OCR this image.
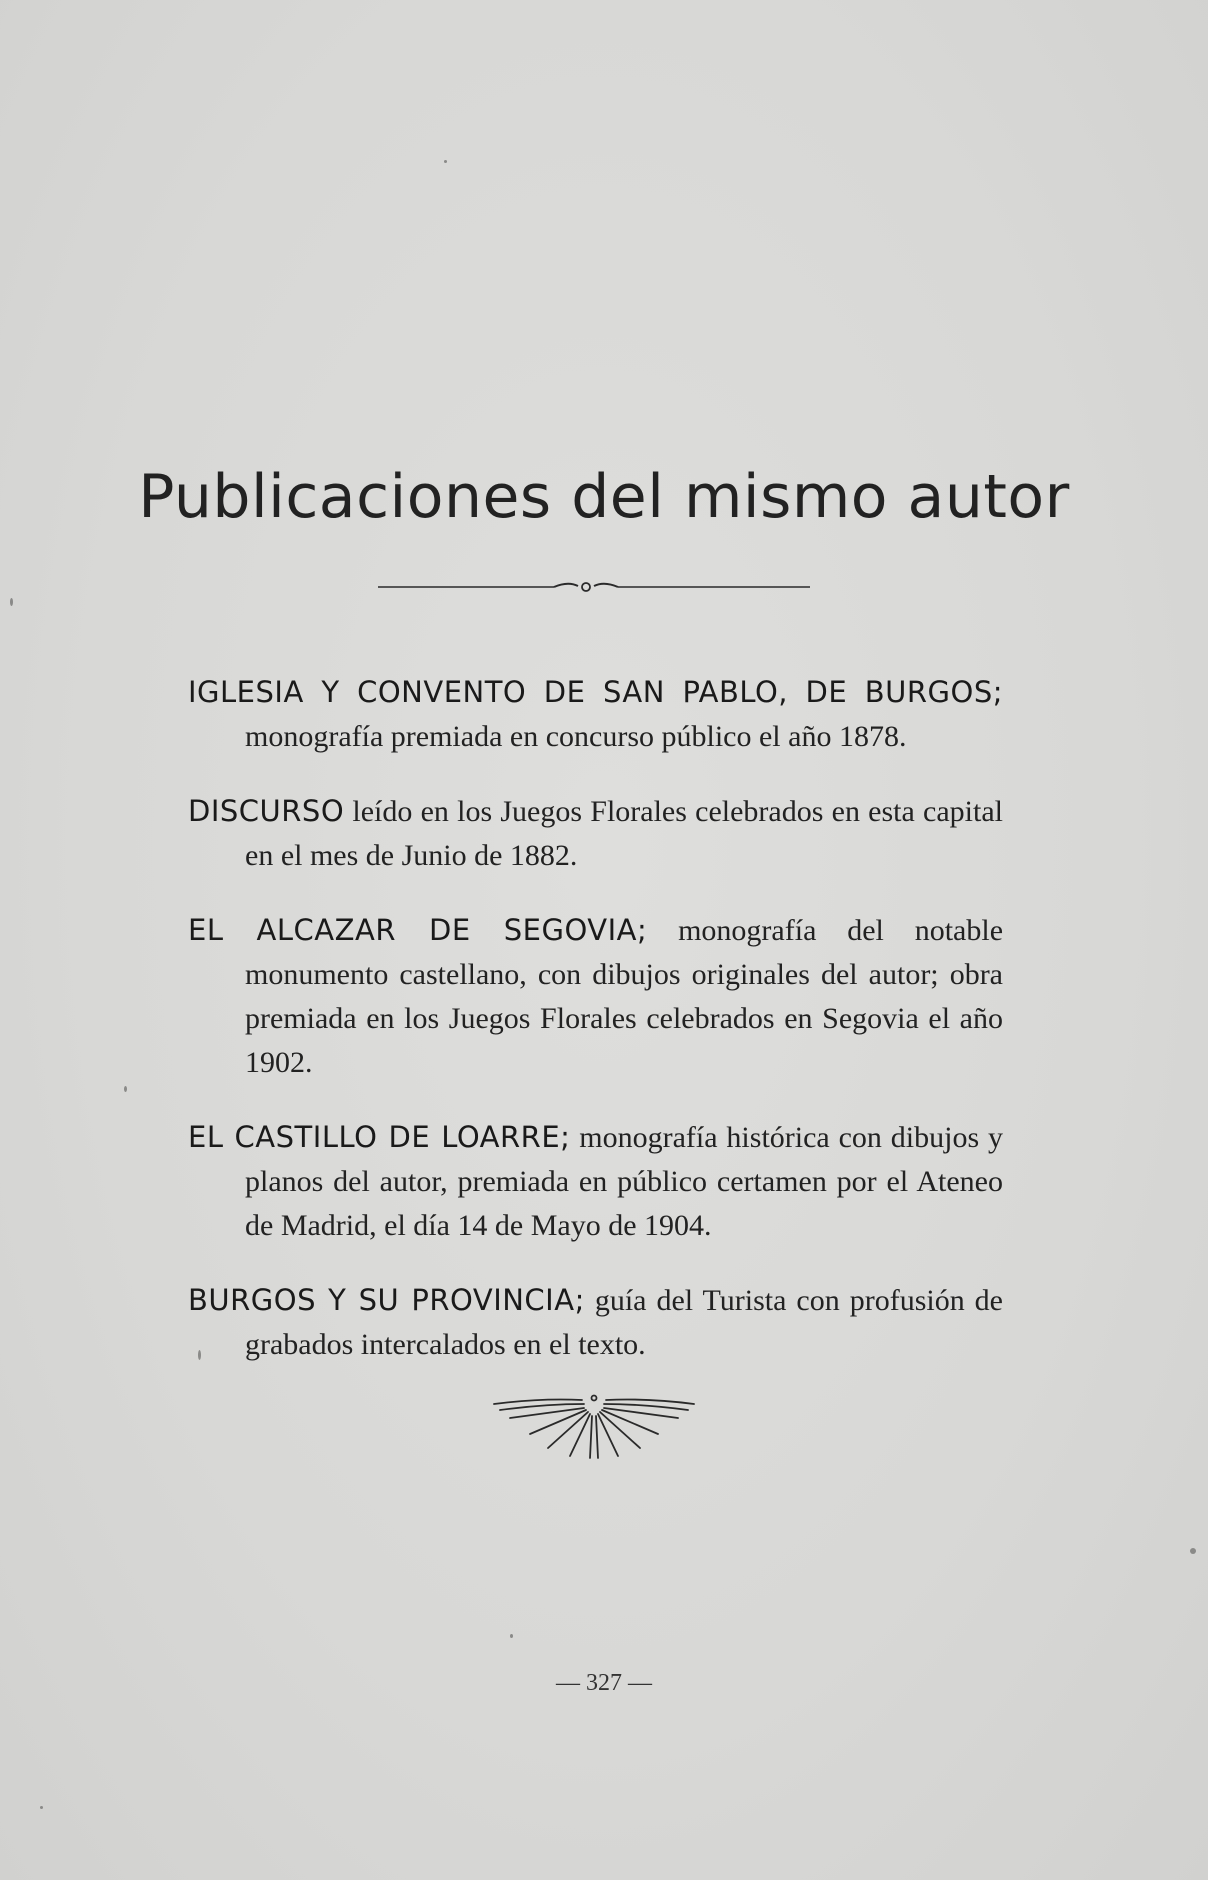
Publicaciones del mismo autor

IGLESIA Y CONVENTO DE SAN PABLO, DE BURGOS; monografía premiada en concurso público el año 1878.

DISCURSO leído en los Juegos Florales celebrados en esta capital en el mes de Junio de 1882.

EL ALCAZAR DE SEGOVIA; monografía del notable monumento castellano, con dibujos originales del autor; obra premiada en los Juegos Florales celebrados en Segovia el año 1902.

EL CASTILLO DE LOARRE; monografía histórica con dibujos y planos del autor, premiada en público certamen por el Ateneo de Madrid, el día 14 de Mayo de 1904.

BURGOS Y SU PROVINCIA; guía del Turista con profusión de grabados intercalados en el texto.

— 327 —
